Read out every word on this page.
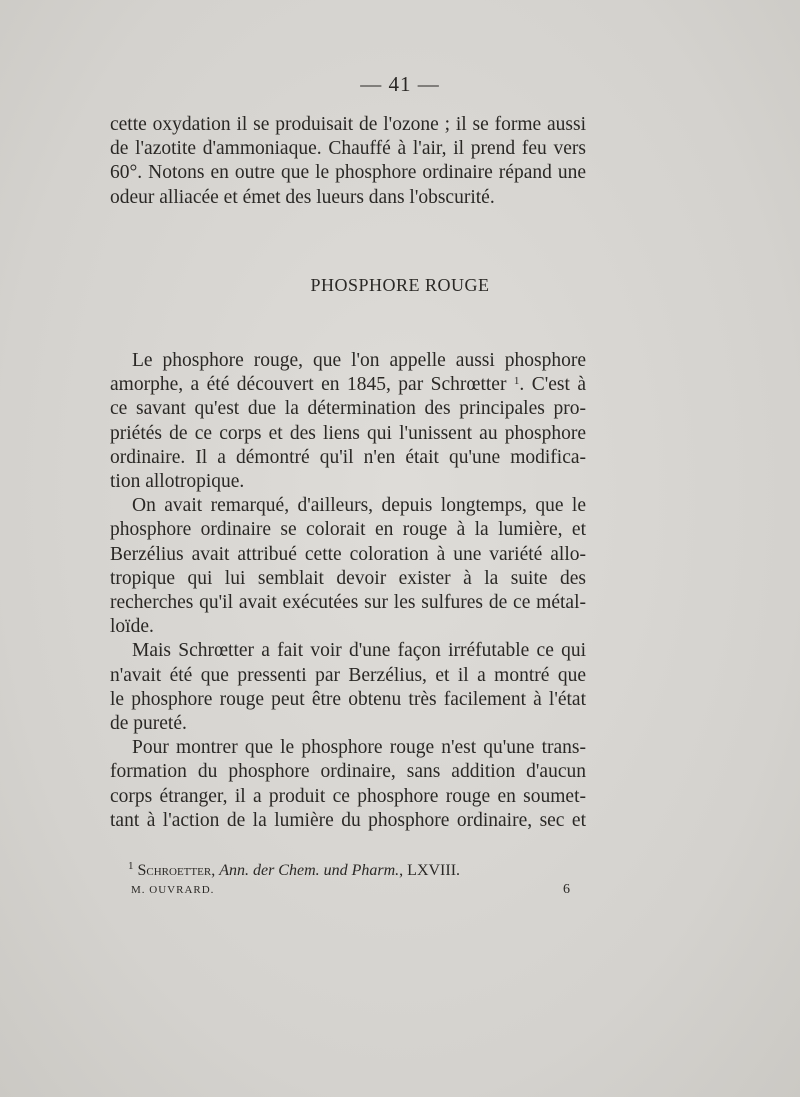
— 41 —
cette oxydation il se produisait de l'ozone ; il se forme aussi
de l'azotite d'ammoniaque. Chauffé à l'air, il prend feu vers
60°. Notons en outre que le phosphore ordinaire répand une
odeur alliacée et émet des lueurs dans l'obscurité.
PHOSPHORE ROUGE
Le phosphore rouge, que l'on appelle aussi phosphore
amorphe, a été découvert en 1845, par Schrœtter $^1$. C'est à
ce savant qu'est due la détermination des principales pro-
priétés de ce corps et des liens qui l'unissent au phosphore
ordinaire. Il a démontré qu'il n'en était qu'une modifica-
tion allotropique.
On avait remarqué, d'ailleurs, depuis longtemps, que le
phosphore ordinaire se colorait en rouge à la lumière, et
Berzélius avait attribué cette coloration à une variété allo-
tropique qui lui semblait devoir exister à la suite des
recherches qu'il avait exécutées sur les sulfures de ce métal-
loïde.
Mais Schrœtter a fait voir d'une façon irréfutable ce qui
n'avait été que pressenti par Berzélius, et il a montré que
le phosphore rouge peut être obtenu très facilement à l'état
de pureté.
Pour montrer que le phosphore rouge n'est qu'une trans-
formation du phosphore ordinaire, sans addition d'aucun
corps étranger, il a produit ce phosphore rouge en soumet-
tant à l'action de la lumière du phosphore ordinaire, sec et
$^1$ Schroetter, Ann. der Chem. und Pharm., LXVIII.
M. OUVRARD.	6
